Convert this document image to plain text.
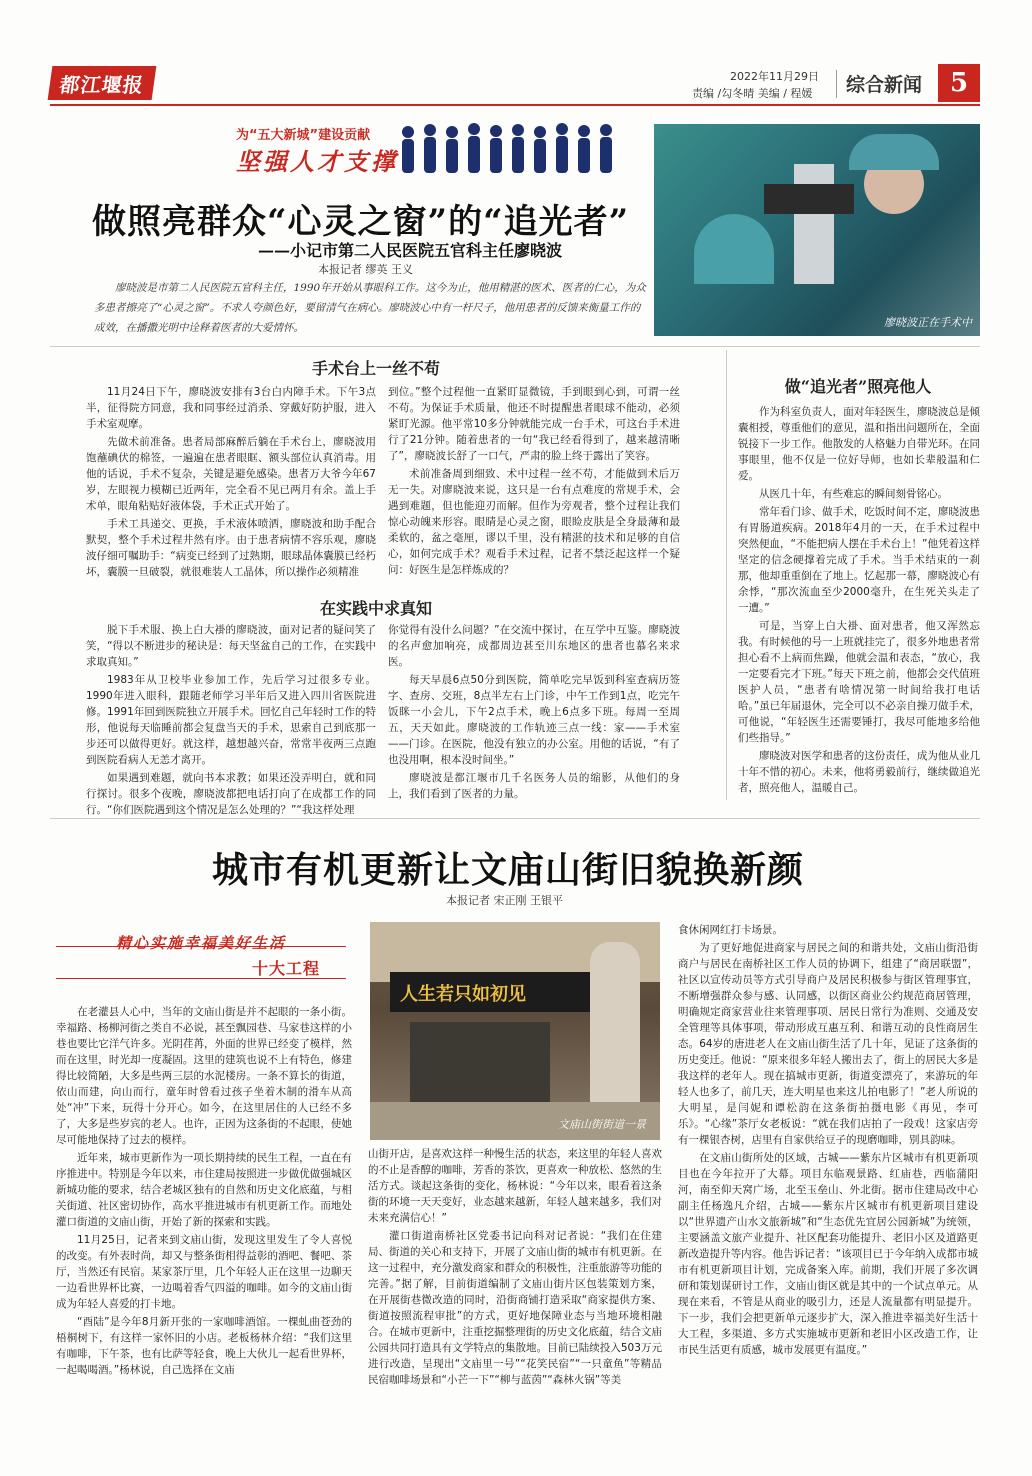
都江堰报	2022年11月29日
责编 /勾冬晴 美编 / 程媛 综合新闻	5
为“五大新城”建设贡献
坚强人才支撑
廖晓波正在手术中
做照亮群众“心灵之窗”的“追光者”
——小记市第二人民医院五官科主任廖晓波
本报记者 缪英 王义

廖晓波是市第二人民医院五官科主任，1990年开始从事眼科工作。这今为止，他用精湛的医术、医者的仁心，为众多患者擦亮了“心灵之窗”。不求人夸颜色好，要留清气在病心。廖晓波心中有一杆尺子，他用患者的反馈来衡量工作的成效，在播撒光明中诠释着医者的大爱情怀。

手术台上一丝不苟

11月24日下午，廖晓波安排有3台白内障手术。下午3点半，征得院方同意，我和同事经过消杀、穿戴好防护服，进入手术室观摩。

先做术前准备。患者局部麻醉后躺在手术台上，廖晓波用饱蘸碘伏的棉签，一遍遍在患者眼眶、额头部位认真消毒。用他的话说，手术不复杂，关键是避免感染。患者万大爷今年67岁，左眼视力模糊已近两年，完全看不见已两月有余。盖上手术单，眼角粘贴好液体袋，手术正式开始了。

手术工具递交、更换，手术液体喷洒，廖晓波和助手配合默契，整个手术过程井然有序。由于患者病情不容乐观，廖晓波仔细可嘱助手：“病变已经到了过熟期，眼球晶体囊膜已经朽坏，囊膜一旦破裂，就很难装人工晶体，所以操作必须精准

到位。”整个过程他一直紧盯显微镜，手到眼到心到，可谓一丝不苟。为保证手术质量，他还不时提醒患者眼球不能动，必须紧盯光源。他平常10多分钟就能完成一台手术，可这台手术进行了21分钟。随着患者的一句“我已经看得到了，越来越清晰了”，廖晓波长舒了一口气，严肃的脸上终于露出了笑容。

术前准备周到细致、术中过程一丝不苟，才能做到术后万无一失。对廖晓波来说，这只是一台有点难度的常规手术，会遇到难题，但也能迎刃而解。但作为旁观者，整个过程让我们惊心动魄来形容。眼睛是心灵之窗，眼睑皮肤是全身最薄和最柔软的，盆之毫厘，谬以千里，没有精湛的技术和足够的自信心，如何完成手术？观看手术过程，记者不禁泛起这样一个疑问：好医生是怎样炼成的？

在实践中求真知

脱下手术服、换上白大褂的廖晓波，面对记者的疑问笑了笑，“得以不断进步的秘诀是：每天坚盆自己的工作，在实践中求取真知。”

1983年从卫校毕业参加工作，先后学习过很多专业。1990年进入眼科，跟随老师学习半年后又进入四川省医院进修。1991年回到医院独立开展手术。回忆自己年轻时工作的特形，他说每天临睡前都会复盘当天的手术，思索自己到底那一步还可以做得更好。就这样，越想越兴奋，常常半夜两三点跑到医院看病人无恙才离开。

如果遇到难题，就向书本求教；如果还没弄明白，就和同行探讨。很多个夜晚，廖晓波都把电话打向了在成都工作的同行。“你们医院遇到这个情况是怎么处理的？”“我这样处理

你觉得有没什么问题？”在交流中探讨，在互学中互鉴。廖晓波的名声愈加响亮，成都周边甚至川东地区的患者也慕名来求医。

每天早晨6点50分到医院，简单吃完早饭到科室查病历签字、查房、交班，8点半左右上门诊，中午工作到1点，吃完午饭眯一小会儿，下午2点手术，晚上6点多下班。每周一至周五，天天如此。廖晓波的工作轨迹三点一线：家——手术室——门诊。在医院，他没有独立的办公室。用他的话说，“有了也没用啊，根本没时间坐。”

廖晓波是都江堰市几千名医务人员的缩影，从他们的身上，我们看到了医者的力量。

做“追光者”照亮他人

作为科室负责人，面对年轻医生，廖晓波总是倾囊相授，尊重他们的意见，温和指出问题所在，全面锐接下一步工作。他散发的人格魅力自带光环。在同事眼里，他不仅是一位好导师，也如长辈般温和仁爱。

从医几十年，有些难忘的瞬间刻骨铭心。

常年看门诊、做手术，吃饭时间不定，廖晓波患有胃肠道疾病。2018年4月的一天，在手术过程中突然便血，“不能把病人摆在手术台上！”他凭着这样坚定的信念硬撑着完成了手术。当手术结束的一刹那，他却重重倒在了地上。忆起那一幕，廖晓波心有余悸，“那次流血至少2000毫升，在生死关头走了一遭。”

可是，当穿上白大褂、面对患者，他又浑然忘我。有时候他的号一上班就挂完了，很多外地患者常担心看不上病而焦躁，他就会温和表态，“放心，我一定要看完才下班。”每天下班之前，他都会交代值班医护人员，“患者有啥情况第一时间给我打电话哈。”虽已年届退休，完全可以不必亲自操刀做手术，可他说，“年轻医生还需要锤打，我尽可能地多给他们些指导。”

廖晓波对医学和患者的这份责任，成为他从业几十年不惜的初心。未来，他将勇毅前行，继续做追光者，照亮他人，温暖自己。

城市有机更新让文庙山街旧貌换新颜
本报记者 宋正刚 王银平
精心实施幸福美好生活
十大工程

在老灌县人心中，当年的文庙山街是并不起眼的一条小街。幸福路、杨柳河街之类自不必说，甚至飘园巷、马家巷这样的小巷也要比它洋气许多。光阴荏苒，外面的世界已经变了模样，然而在这里，时光却一度凝固。这里的建筑也说不上有特色，修建得比较简陋，大多是些两三层的水泥楼房。一条不算长的街道，依山而建，向山而行，童年时曾看过孩子坐着木制的滑车从高处“冲”下来，玩得十分开心。如今，在这里居住的人已经不多了，大多是些岁宾的老人。也许，正因为这条街的不起眼，使她尽可能地保持了过去的模样。

近年来，城市更新作为一项长期持续的民生工程，一直在有序推进中。特别是今年以来，市住建局按照进一步做优做强城区新城功能的要求，结合老城区独有的自然和历史文化底蕴，与相关街道、社区密切协作，高水平推进城市有机更新工作。而地处灌口街道的文庙山街，开始了新的探索和实践。

11月25日，记者来到文庙山街，发现这里发生了令人喜悦的改变。有外表时尚，却又与整条街相得益彰的酒吧、餐吧、茶厅，当然还有民宿。某家茶厅里，几个年轻人正在这里一边聊天一边看世界杯比赛，一边喝着香气四溢的咖啡。如今的文庙山街成为年轻人喜爱的打卡地。

“酉陆”是今年8月新开张的一家咖啡酒馆。一棵虬曲苍劲的梧桐树下，有这样一家怀旧的小店。老板杨林介绍：“我们这里有咖啡，下午茶，也有比萨等轻食，晚上大伙儿一起看世界杯，一起喝喝酒。”杨林说，自己选择在文庙

人生若只如初见
文庙山街街道一景

山街开店，是喜欢这样一种慢生活的状态，来这里的年轻人喜欢的不止是香醇的咖啡，芳香的茶饮，更喜欢一种放松、悠然的生活方式。谈起这条街的变化，杨林说：“今年以来，眼看着这条街的环境一天天变好，业态越来越新，年轻人越来越多，我们对未来充满信心！”

灌口街道南桥社区党委书记向科对记者说：“我们在住建局、街道的关心和支持下，开展了文庙山街的城市有机更新。在这一过程中，充分激发商家和群众的积极性，注重旅游等功能的完善。”据了解，目前街道编制了文庙山街片区包装策划方案，在开展街巷微改造的同时，沿街商铺打造采取“商家提供方案、街道按照流程审批”的方式，更好地保障业态与当地环境相融合。在城市更新中，注重挖掘整理街的历史文化底蕴，结合文庙公园共同打造具有文学特点的集散地。目前已陆续投入503万元进行改造，呈现出“文庙里一号”“花笑民宿”“一只童鱼”等精品民宿咖啡场景和“小芒一下”“柳与蓝茵”“森林火锅”等美

食休闲网红打卡场景。

为了更好地促进商家与居民之间的和谐共处，文庙山街沿街商户与居民在南桥社区工作人员的协调下，组建了“商居联盟”，社区以宣传动员等方式引导商户及居民积极参与街区管理事宜，不断增强群众参与感、认同感，以街区商业公约规范商居管理，明确规定商家营业往来管理事项、居民日常行为准则、交通及安全管理等具体事项，带动形成互惠互利、和谐互动的良性商居生态。64岁的唐进老人在文庙山街生活了几十年，见证了这条街的历史变迁。他说：“原来很多年轻人搬出去了，街上的居民大多是我这样的老年人。现在搞城市更新，街道变漂亮了，来游玩的年轻人也多了，前几天，连大明星也来这儿拍电影了！”老人所说的大明星，是闫妮和谭松韵在这条街拍摄电影《再见，李可乐》。“心缘”茶厅女老板说：“就在我们店拍了一段戏！这家店旁有一棵银杏树，店里有自家供给豆子的现磨咖啡，别具韵味。

在文庙山街所处的区域，古城——紫东片区城市有机更新项目也在今年拉开了大幕。项目东临观景路、红庙巷，西临蒲阳河，南至仰天窝广场，北至玉垒山、外北街。据市住建局改中心副主任杨逸凡介绍，古城——紫东片区城市有机更新项目建设以“世界遗产山水文旅新城”和“生态优先宜居公园新城”为统领，主要涵盖文旅产业提升、社区配套功能提升、老旧小区及道路更新改造提升等内容。他告诉记者：“该项目已于今年纳入成都市城市有机更新项目计划，完成备案入库。前期，我们开展了多次调研和策划谋研讨工作，文庙山街区就是其中的一个试点单元。从现在来看，不管是从商业的吸引力，还是人流量都有明显提升。下一步，我们会把更新单元逐步扩大，深入推进幸福美好生活十大工程，多渠道、多方式实施城市更新和老旧小区改造工作，让市民生活更有质感，城市发展更有温度。”
